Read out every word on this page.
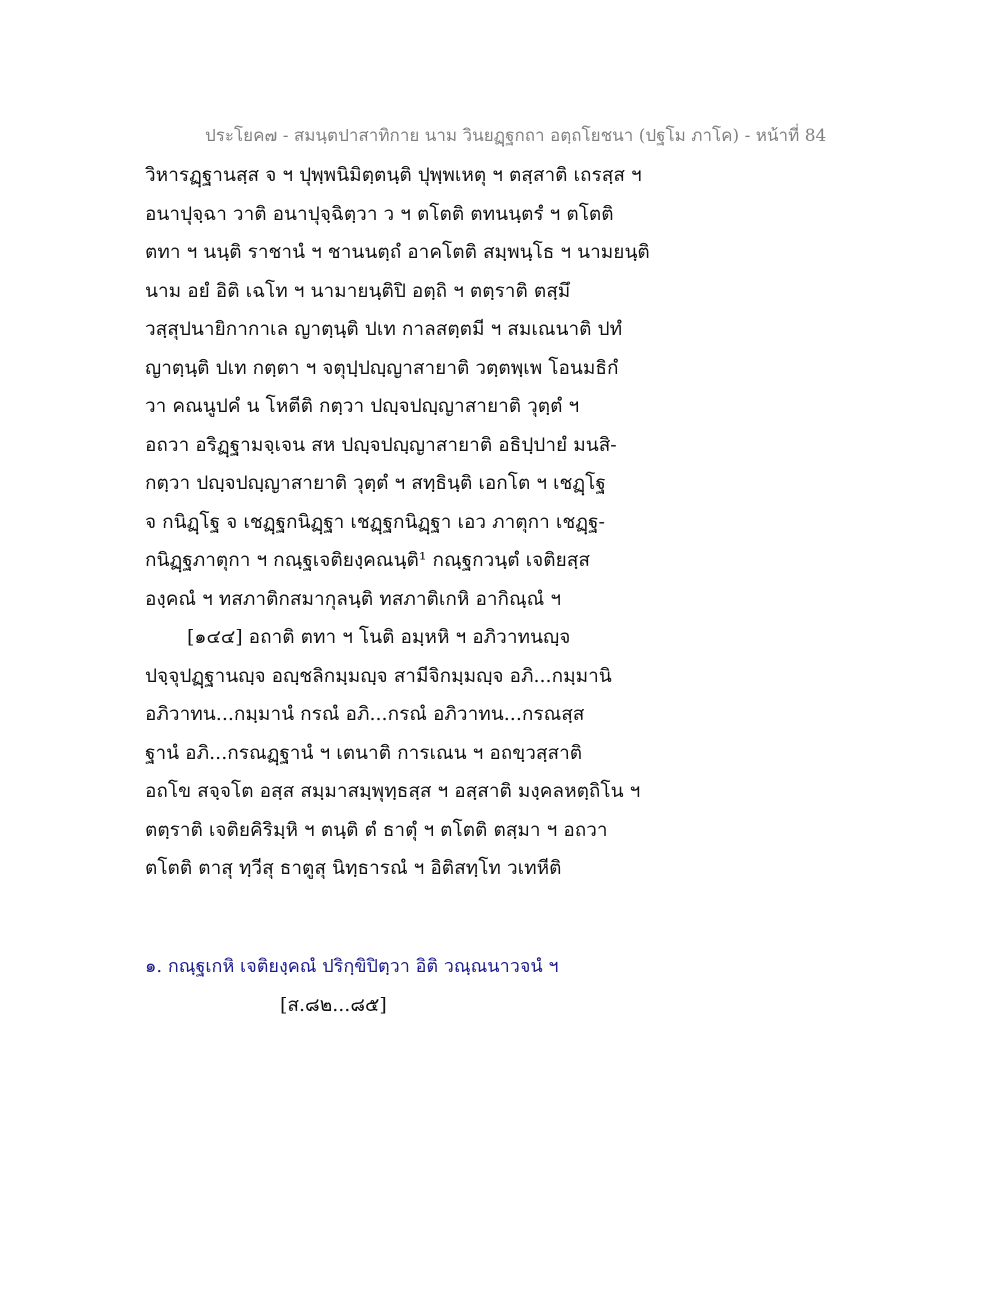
ประโยค๗ - สมนฺตปาสาทิกาย นาม วินยฏฺฐกถา อตฺถโยชนา (ปฐโม ภาโค) - หน้าที่ 84
วิหารฏฺฐานสฺส จ ฯ ปุพฺพนิมิตฺตนฺติ ปุพฺพเหตุ ฯ ตสฺสาติ เถรสฺส ฯ
อนาปุจฺฉา วาติ อนาปุจฺฉิตฺวา ว ฯ ตโตติ ตทนนฺตรํ ฯ ตโตติ
ตทา ฯ นนฺติ ราชานํ ฯ ชานนตฺถํ อาคโตติ สมฺพนฺโธ ฯ นามยนฺติ
นาม อยํ อิติ เฉโท ฯ นามายนฺติปิ อตฺถิ ฯ ตตฺราติ ตสฺมึ
วสฺสุปนายิกากาเล ญาตฺนฺติ ปเท กาลสตฺตมี ฯ สมเณนาติ ปทํ
ญาตฺนฺติ ปเท กตฺตา ฯ จตุปฺปญฺญาสายาติ วตฺตพฺเพ โอนมธิกํ
วา คณนูปคํ น โหตีติ กตฺวา ปญฺจปญฺญาสายาติ วุตฺตํ ฯ
อถวา อริฏฺฐามจฺเจน สห ปญฺจปญฺญาสายาติ อธิปฺปายํ มนสิ-
กตฺวา ปญฺจปญฺญาสายาติ วุตฺตํ ฯ สทฺธินฺติ เอกโต ฯ เชฏฺโฐ
จ กนิฏฺโฐ จ เชฏฺฐกนิฏฺฐา เชฏฺฐกนิฏฺฐา เอว ภาตุกา เชฏฺฐ-
กนิฏฺฐภาตุกา ฯ กณฺฐเจติยงฺคณนฺติ¹ กณฺฐกวนฺตํ เจติยสฺส
องฺคณํ ฯ ทสภาติกสมากุลนฺติ ทสภาติเกหิ อากิณฺณํ ฯ
[๑๔๔] อถาติ ตทา ฯ โนติ อมฺหหิ ฯ อภิวาทนญฺจ
ปจฺจุปฏฺฐานญฺจ อญฺชลิกมฺมญฺจ สามีจิกมฺมญฺจ อภิ...กมฺมานิ
อภิวาทน...กมฺมานํ กรณํ อภิ...กรณํ อภิวาทน...กรณสฺส
ฐานํ อภิ...กรณฏฺฐานํ ฯ เตนาติ การเณน ฯ อถขฺวสฺสาติ
อถโข สจฺจโต อสฺส สมฺมาสมฺพุทฺธสฺส ฯ อสฺสาติ มงฺคลหตฺถิโน ฯ
ตตฺราติ เจติยคิริมฺหิ ฯ ตนฺติ ตํ ธาตุํ ฯ ตโตติ ตสฺมา ฯ อถวา
ตโตติ ตาสุ ทฺวีสุ ธาตูสุ นิทฺธารณํ ฯ อิติสทฺโท วเทหีติ
๑. กณฺฐเกหิ เจติยงฺคณํ ปริกฺขิปิตฺวา อิติ วณฺณนาวจนํ ฯ
[ส.๘๒...๘๕]
